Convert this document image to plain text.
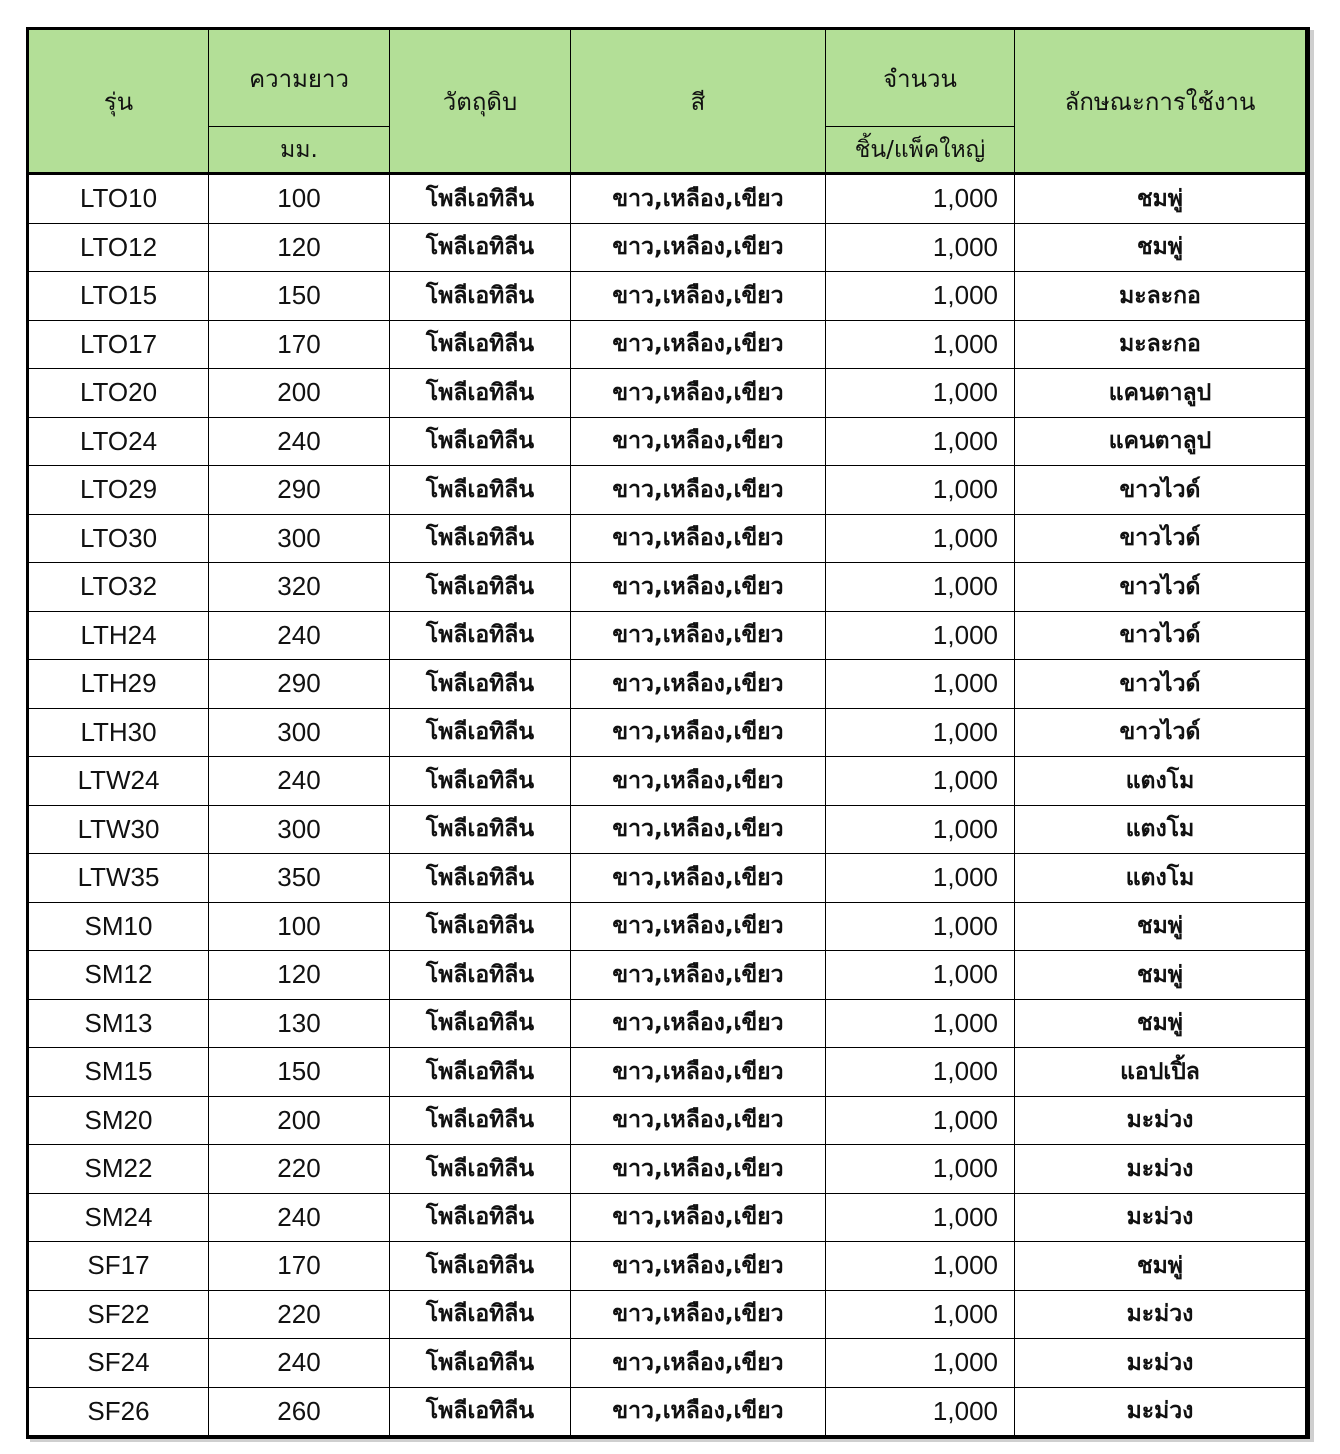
รุ่น	ความยาว	วัตถุดิบ	สี	จำนวน	ลักษณะการใช้งาน
	มม.			ชิ้น/แพ็คใหญ่	
LTO10	100	โพลีเอทิลีน	ขาว,เหลือง,เขียว	1,000	ชมพู่
LTO12	120	โพลีเอทิลีน	ขาว,เหลือง,เขียว	1,000	ชมพู่
LTO15	150	โพลีเอทิลีน	ขาว,เหลือง,เขียว	1,000	มะละกอ
LTO17	170	โพลีเอทิลีน	ขาว,เหลือง,เขียว	1,000	มะละกอ
LTO20	200	โพลีเอทิลีน	ขาว,เหลือง,เขียว	1,000	แคนตาลูป
LTO24	240	โพลีเอทิลีน	ขาว,เหลือง,เขียว	1,000	แคนตาลูป
LTO29	290	โพลีเอทิลีน	ขาว,เหลือง,เขียว	1,000	ขาวไวด์
LTO30	300	โพลีเอทิลีน	ขาว,เหลือง,เขียว	1,000	ขาวไวด์
LTO32	320	โพลีเอทิลีน	ขาว,เหลือง,เขียว	1,000	ขาวไวด์
LTH24	240	โพลีเอทิลีน	ขาว,เหลือง,เขียว	1,000	ขาวไวด์
LTH29	290	โพลีเอทิลีน	ขาว,เหลือง,เขียว	1,000	ขาวไวด์
LTH30	300	โพลีเอทิลีน	ขาว,เหลือง,เขียว	1,000	ขาวไวด์
LTW24	240	โพลีเอทิลีน	ขาว,เหลือง,เขียว	1,000	แตงโม
LTW30	300	โพลีเอทิลีน	ขาว,เหลือง,เขียว	1,000	แตงโม
LTW35	350	โพลีเอทิลีน	ขาว,เหลือง,เขียว	1,000	แตงโม
SM10	100	โพลีเอทิลีน	ขาว,เหลือง,เขียว	1,000	ชมพู่
SM12	120	โพลีเอทิลีน	ขาว,เหลือง,เขียว	1,000	ชมพู่
SM13	130	โพลีเอทิลีน	ขาว,เหลือง,เขียว	1,000	ชมพู่
SM15	150	โพลีเอทิลีน	ขาว,เหลือง,เขียว	1,000	แอปเปิ้ล
SM20	200	โพลีเอทิลีน	ขาว,เหลือง,เขียว	1,000	มะม่วง
SM22	220	โพลีเอทิลีน	ขาว,เหลือง,เขียว	1,000	มะม่วง
SM24	240	โพลีเอทิลีน	ขาว,เหลือง,เขียว	1,000	มะม่วง
SF17	170	โพลีเอทิลีน	ขาว,เหลือง,เขียว	1,000	ชมพู่
SF22	220	โพลีเอทิลีน	ขาว,เหลือง,เขียว	1,000	มะม่วง
SF24	240	โพลีเอทิลีน	ขาว,เหลือง,เขียว	1,000	มะม่วง
SF26	260	โพลีเอทิลีน	ขาว,เหลือง,เขียว	1,000	มะม่วง
